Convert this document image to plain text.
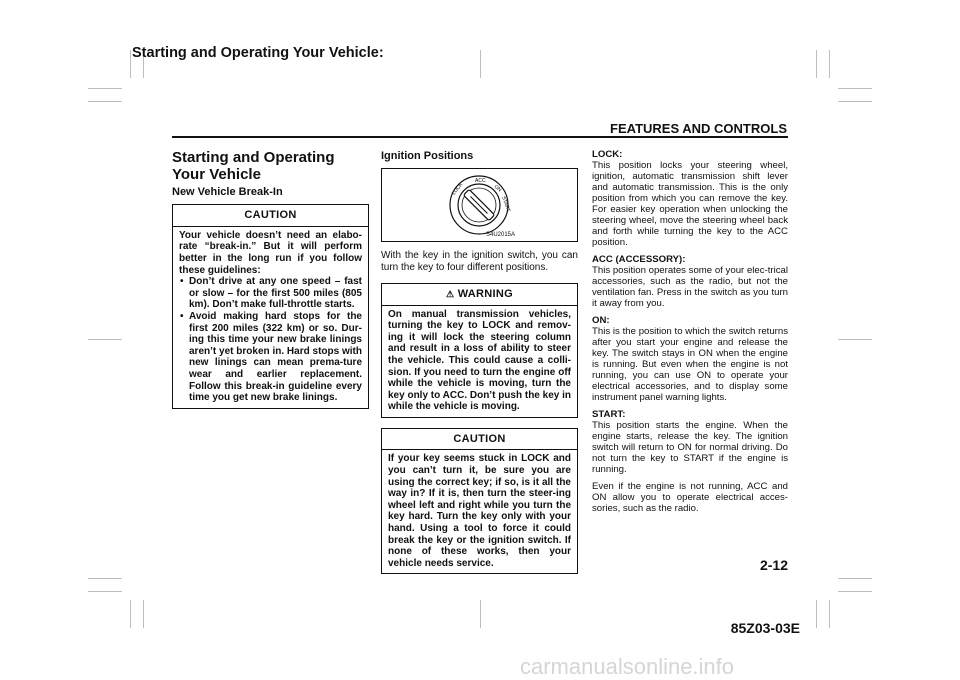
Starting and Operating Your Vehicle:
FEATURES AND CONTROLS
Starting and Operating Your Vehicle
New Vehicle Break-In
CAUTION
Your vehicle doesn’t need an elabo-rate “break-in.” But it will perform better in the long run if you follow these guidelines:
• Don’t drive at any one speed – fast or slow – for the first 500 miles (805 km). Don’t make full-throttle starts.
• Avoid making hard stops for the first 200 miles (322 km) or so. Dur-ing this time your new brake linings aren’t yet broken in. Hard stops with new linings can mean prema-ture wear and earlier replacement. Follow this break-in guideline every time you get new brake linings.
Ignition Positions
LOCK
ACC
ON
START
S4U2015A

With the key in the ignition switch, you can turn the key to four different positions.

⚠ WARNING
On manual transmission vehicles, turning the key to LOCK and remov-ing it will lock the steering column and result in a loss of ability to steer the vehicle. This could cause a colli-sion. If you need to turn the engine off while the vehicle is moving, turn the key only to ACC. Don’t push the key in while the vehicle is moving.
CAUTION
If your key seems stuck in LOCK and you can’t turn it, be sure you are using the correct key; if so, is it all the way in? If it is, then turn the steer-ing wheel left and right while you turn the key hard. Turn the key only with your hand. Using a tool to force it could break the key or the ignition switch. If none of these works, then your vehicle needs service.

LOCK:
This position locks your steering wheel, ignition, automatic transmission shift lever and automatic transmission. This is the only position from which you can remove the key. For easier key operation when unlocking the steering wheel, move the steering wheel back and forth while turning the key to the ACC position.

ACC (ACCESSORY):
This position operates some of your elec-trical accessories, such as the radio, but not the ventilation fan. Press in the switch as you turn it away from you.

ON:
This is the position to which the switch returns after you start your engine and release the key. The switch stays in ON when the engine is running. But even when the engine is not running, you can use ON to operate your electrical accessories, and to display some instrument panel warning lights.

START:
This position starts the engine. When the engine starts, release the key. The ignition switch will return to ON for normal driving. Do not turn the key to START if the engine is running.

Even if the engine is not running, ACC and ON allow you to operate electrical acces-sories, such as the radio.

2-12
85Z03-03E
carmanualsonline.info
